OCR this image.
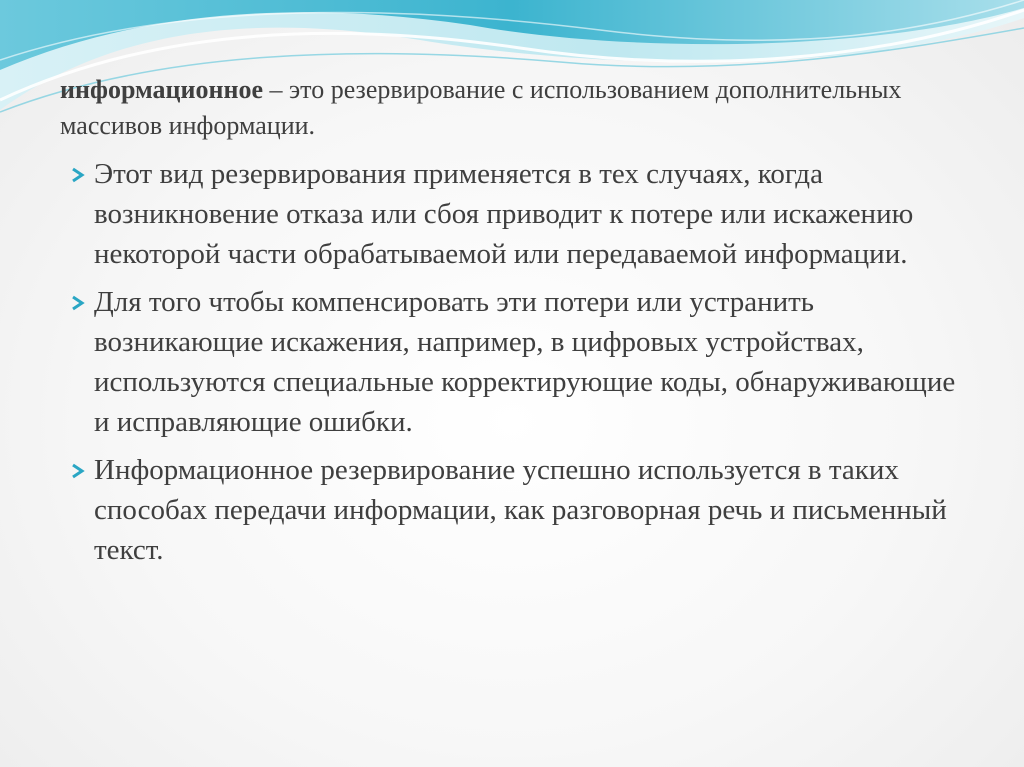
информационное – это резервирование с использованием дополнительных массивов информации.

Этот вид резервирования применяется в тех случаях, когда возникновение отказа или сбоя приводит к потере или искажению некоторой части обрабатываемой или передаваемой информации.

Для того чтобы компенсировать эти потери или устранить возникающие искажения, например, в цифровых устройствах, используются специальные корректирующие коды, обнаруживающие и исправляющие ошибки.

Информационное резервирование успешно используется в таких способах передачи информации, как разговорная речь и письменный текст.
